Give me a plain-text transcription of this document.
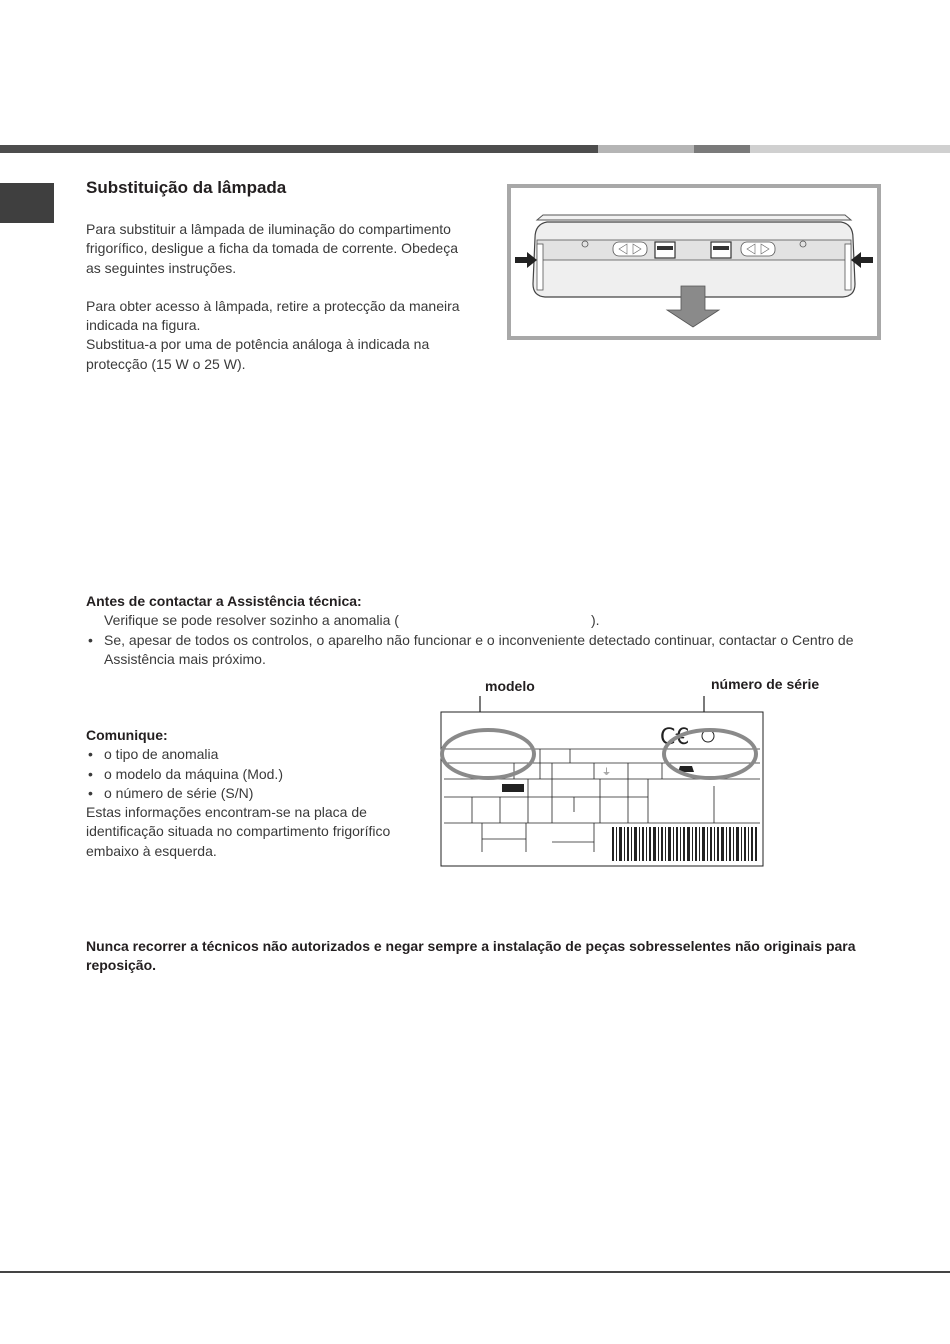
Substituição da lâmpada
Para substituir a lâmpada de iluminação do compartimento frigorífico, desligue a ficha da tomada de corrente. Obedeça as seguintes instruções.
Para obter acesso à lâmpada, retire a protecção da maneira indicada na figura.
Substitua-a por uma de potência análoga à indicada na protecção (15 W o 25 W).
Antes de contactar a Assistência técnica:
Verifique se pode resolver sozinho a anomalia (	).
• Se, apesar de todos os controlos, o aparelho não funcionar e o inconveniente detectado continuar, contactar o Centro de Assistência mais próximo.
Comunique:
• o tipo de anomalia
• o modelo da máquina (Mod.)
• o número de série (S/N)
Estas informações encontram-se na placa de identificação situada no compartimento frigorífico embaixo à esquerda.
modelo	número de série
C€
⏚
Nunca recorrer a técnicos não autorizados e negar sempre a instalação de peças sobresselentes não originais para reposição.
